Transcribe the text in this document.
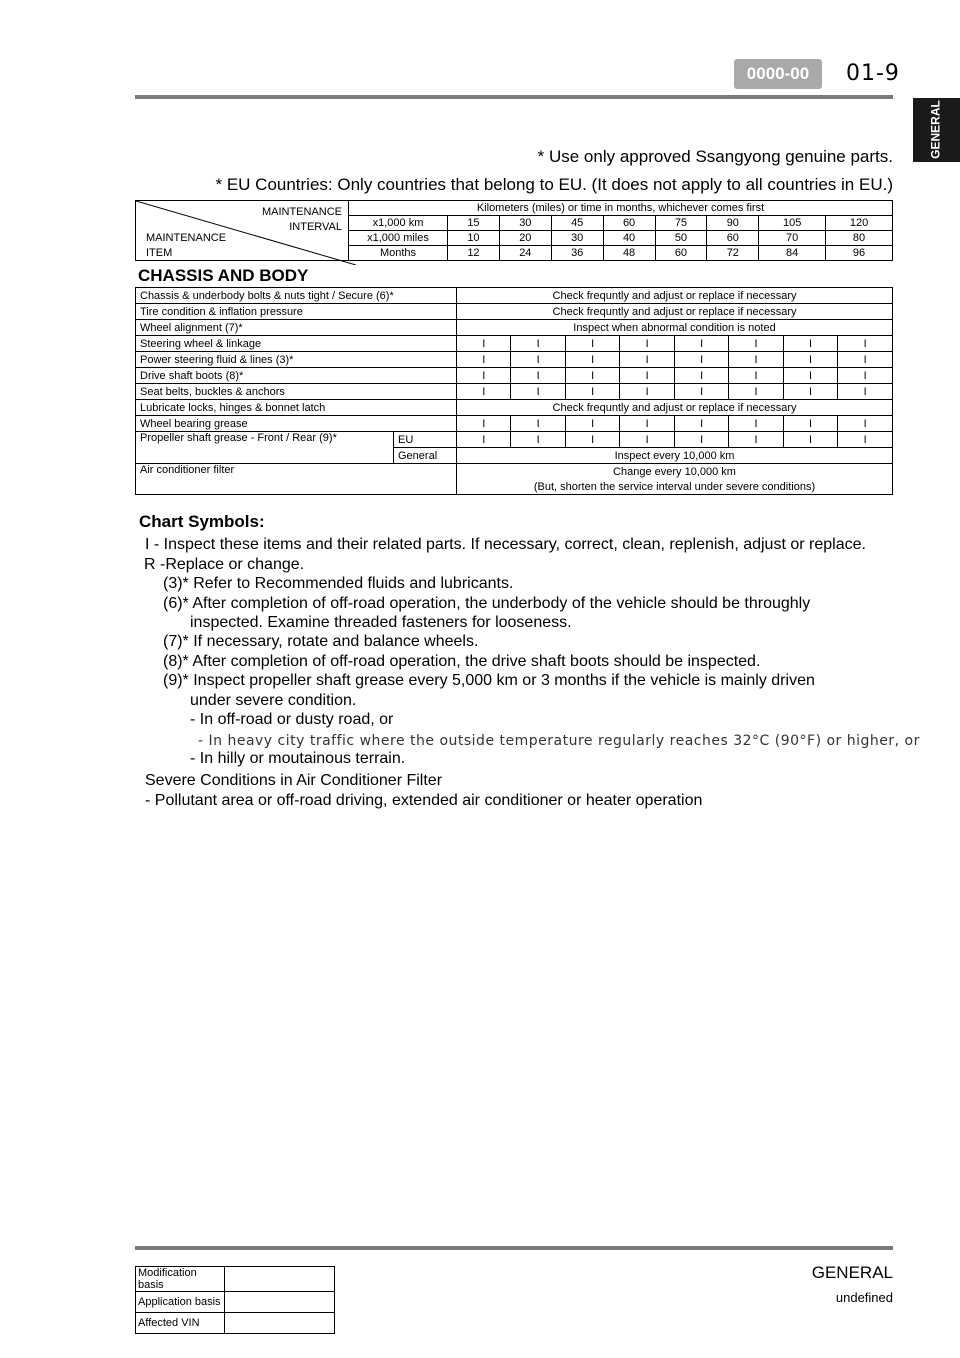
0000-00	01-9
GENERAL
* Use only approved Ssangyong genuine parts.
* EU Countries: Only countries that belong to EU. (It does not apply to all countries in EU.)
MAINTENANCE
INTERVAL
MAINTENANCE
ITEM	Kilometers (miles) or time in months, whichever comes first								
	x1,000 km	15	30	45	60	75	90	105	120
	x1,000 miles	10	20	30	40	50	60	70	80
	Months	12	24	36	48	60	72	84	96
CHASSIS AND BODY
Chassis & underbody bolts & nuts tight / Secure (6)*		Check frequntly and adjust or replace if necessary							
Tire condition & inflation pressure		Check frequntly and adjust or replace if necessary							
Wheel alignment (7)*		Inspect when abnormal condition is noted							
Steering wheel & linkage		I	I	I	I	I	I	I	I
Power steering fluid & lines (3)*		I	I	I	I	I	I	I	I
Drive shaft boots (8)*		I	I	I	I	I	I	I	I
Seat belts, buckles & anchors		I	I	I	I	I	I	I	I
Lubricate locks, hinges & bonnet latch		Check frequntly and adjust or replace if necessary							
Wheel bearing grease		I	I	I	I	I	I	I	I
Propeller shaft grease - Front / Rear (9)*	EU	I	I	I	I	I	I	I	I
	General	Inspect every 10,000 km							
Air conditioner filter		Change every 10,000 km							
		(But, shorten the service interval under severe conditions)							
Chart Symbols:
I - Inspect these items and their related parts. If necessary, correct, clean, replenish, adjust or replace.
R -Replace or change.
(3)* Refer to Recommended fluids and lubricants.
(6)* After completion of off-road operation, the underbody of the vehicle should be throughly
inspected. Examine threaded fasteners for looseness.
(7)* If necessary, rotate and balance wheels.
(8)* After completion of off-road operation, the drive shaft boots should be inspected.
(9)* Inspect propeller shaft grease every 5,000 km or 3 months if the vehicle is mainly driven
under severe condition.
- In off-road or dusty road, or
- In heavy city traffic where the outside temperature regularly reaches 32°C (90°F) or higher, or
- In hilly or moutainous terrain.
Severe Conditions in Air Conditioner Filter
- Pollutant area or off-road driving, extended air conditioner or heater operation
Modification basis	
Application basis	
Affected VIN	
GENERAL
undefined
